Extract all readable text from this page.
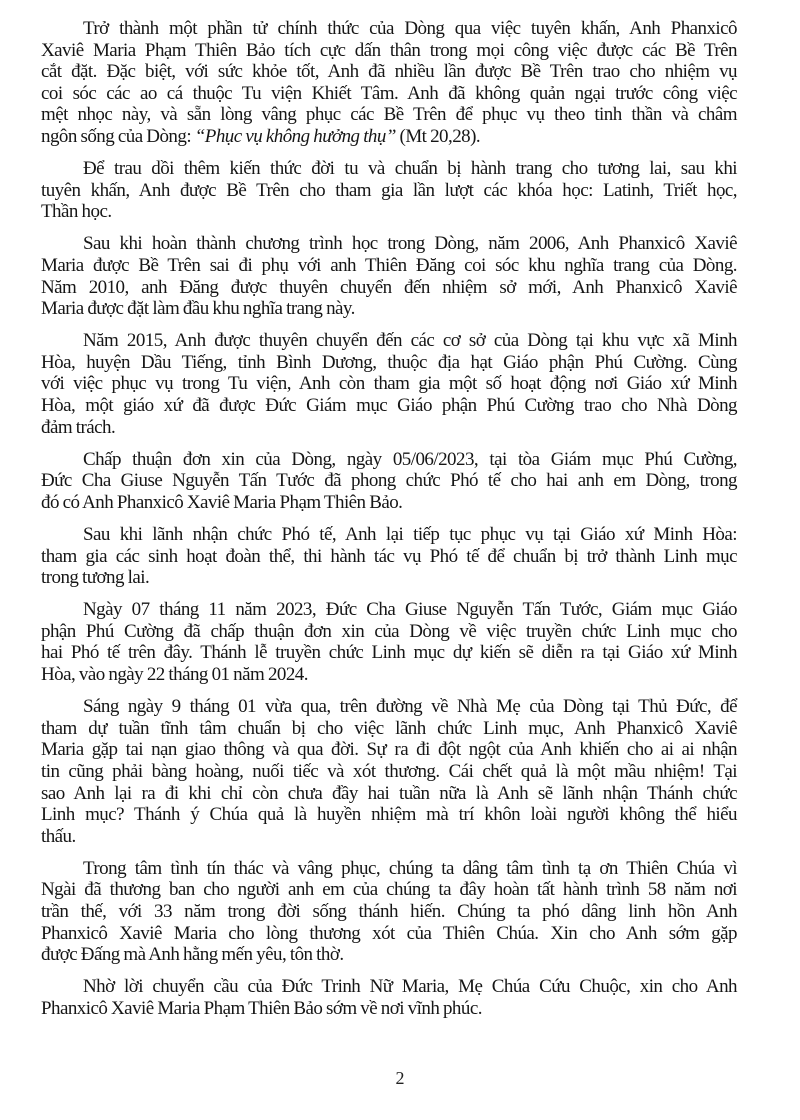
Trở thành một phần tử chính thức của Dòng qua việc tuyên khấn, Anh Phanxicô
Xaviê Maria Phạm Thiên Bảo tích cực dấn thân trong mọi công việc được các Bề Trên
cắt đặt. Đặc biệt, với sức khỏe tốt, Anh đã nhiều lần được Bề Trên trao cho nhiệm vụ
coi sóc các ao cá thuộc Tu viện Khiết Tâm. Anh đã không quản ngại trước công việc
mệt nhọc này, và sẵn lòng vâng phục các Bề Trên để phục vụ theo tinh thần và châm
ngôn sống của Dòng: “Phục vụ không hưởng thụ” (Mt 20,28).
Để trau dồi thêm kiến thức đời tu và chuẩn bị hành trang cho tương lai, sau khi
tuyên khấn, Anh được Bề Trên cho tham gia lần lượt các khóa học: Latinh, Triết học,
Thần học.
Sau khi hoàn thành chương trình học trong Dòng, năm 2006, Anh Phanxicô Xaviê
Maria được Bề Trên sai đi phụ với anh Thiên Đăng coi sóc khu nghĩa trang của Dòng.
Năm 2010, anh Đăng được thuyên chuyển đến nhiệm sở mới, Anh Phanxicô Xaviê
Maria được đặt làm đầu khu nghĩa trang này.
Năm 2015, Anh được thuyên chuyển đến các cơ sở của Dòng tại khu vực xã Minh
Hòa, huyện Dầu Tiếng, tỉnh Bình Dương, thuộc địa hạt Giáo phận Phú Cường. Cùng
với việc phục vụ trong Tu viện, Anh còn tham gia một số hoạt động nơi Giáo xứ Minh
Hòa, một giáo xứ đã được Đức Giám mục Giáo phận Phú Cường trao cho Nhà Dòng
đảm trách.
Chấp thuận đơn xin của Dòng, ngày 05/06/2023, tại tòa Giám mục Phú Cường,
Đức Cha Giuse Nguyễn Tấn Tước đã phong chức Phó tế cho hai anh em Dòng, trong
đó có Anh Phanxicô Xaviê Maria Phạm Thiên Bảo.
Sau khi lãnh nhận chức Phó tế, Anh lại tiếp tục phục vụ tại Giáo xứ Minh Hòa:
tham gia các sinh hoạt đoàn thể, thi hành tác vụ Phó tế để chuẩn bị trở thành Linh mục
trong tương lai.
Ngày 07 tháng 11 năm 2023, Đức Cha Giuse Nguyễn Tấn Tước, Giám mục Giáo
phận Phú Cường đã chấp thuận đơn xin của Dòng về việc truyền chức Linh mục cho
hai Phó tế trên đây. Thánh lễ truyền chức Linh mục dự kiến sẽ diễn ra tại Giáo xứ Minh
Hòa, vào ngày 22 tháng 01 năm 2024.
Sáng ngày 9 tháng 01 vừa qua, trên đường về Nhà Mẹ của Dòng tại Thủ Đức, để
tham dự tuần tĩnh tâm chuẩn bị cho việc lãnh chức Linh mục, Anh Phanxicô Xaviê
Maria gặp tai nạn giao thông và qua đời. Sự ra đi đột ngột của Anh khiến cho ai ai nhận
tin cũng phải bàng hoàng, nuối tiếc và xót thương. Cái chết quả là một mầu nhiệm! Tại
sao Anh lại ra đi khi chỉ còn chưa đầy hai tuần nữa là Anh sẽ lãnh nhận Thánh chức
Linh mục? Thánh ý Chúa quả là huyền nhiệm mà trí khôn loài người không thể hiểu
thấu.
Trong tâm tình tín thác và vâng phục, chúng ta dâng tâm tình tạ ơn Thiên Chúa vì
Ngài đã thương ban cho người anh em của chúng ta đây hoàn tất hành trình 58 năm nơi
trần thế, với 33 năm trong đời sống thánh hiến. Chúng ta phó dâng linh hồn Anh
Phanxicô Xaviê Maria cho lòng thương xót của Thiên Chúa. Xin cho Anh sớm gặp
được Đấng mà Anh hằng mến yêu, tôn thờ.
Nhờ lời chuyển cầu của Đức Trinh Nữ Maria, Mẹ Chúa Cứu Chuộc, xin cho Anh
Phanxicô Xaviê Maria Phạm Thiên Bảo sớm về nơi vĩnh phúc.
2
